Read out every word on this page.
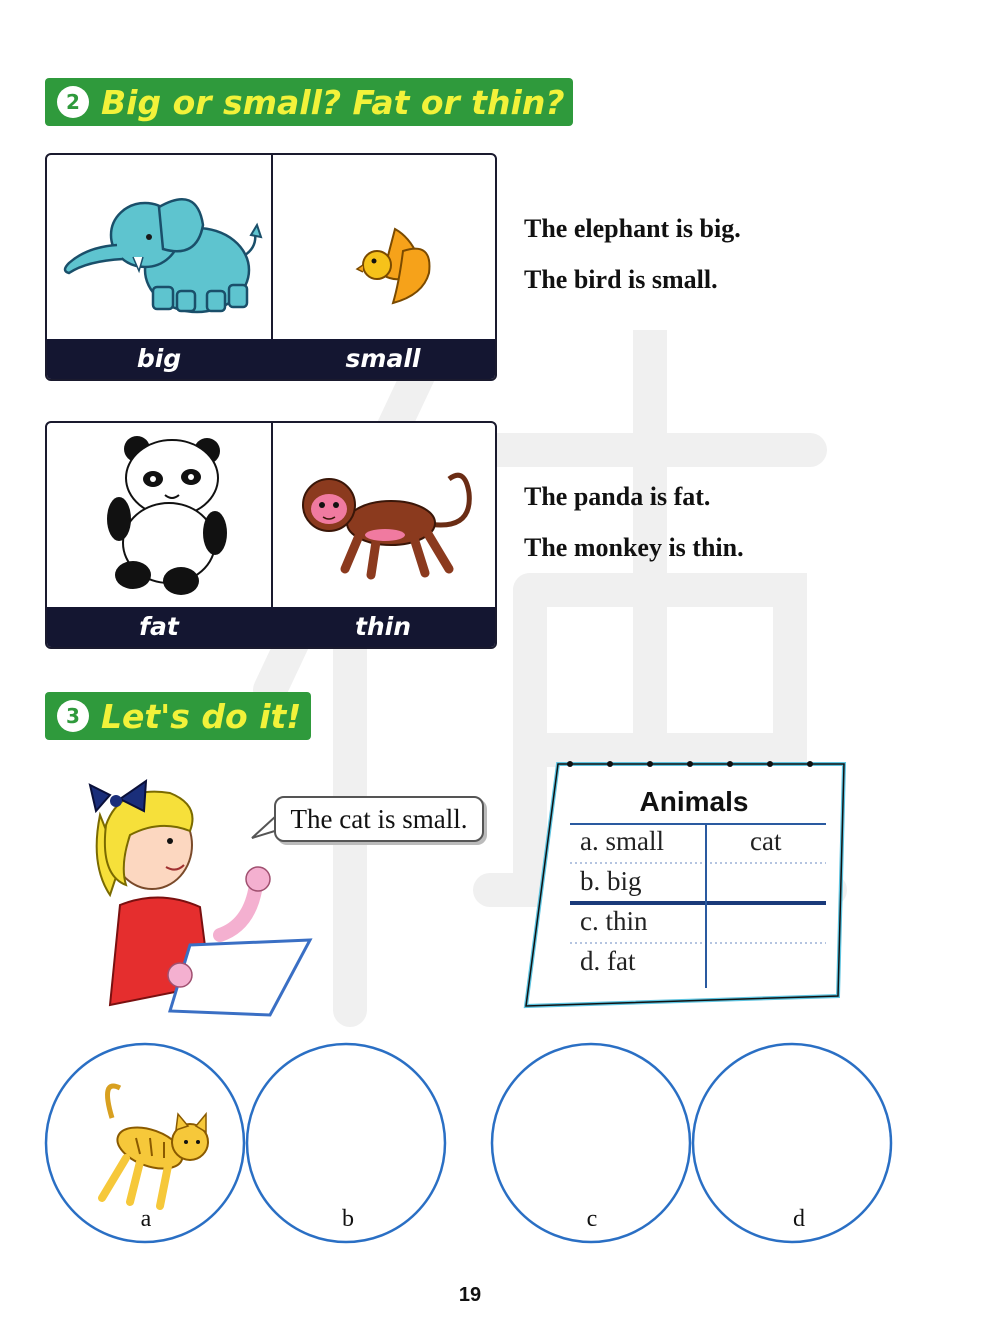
2 Big or small? Fat or thin?
big	small
The elephant is big.
The bird is small.
fat	thin
The panda is fat.
The monkey is thin.
3 Let's do it!
The cat is small.
Animals
a. small	cat
b. big
c. thin
d. fat
a	b	c	d
19
